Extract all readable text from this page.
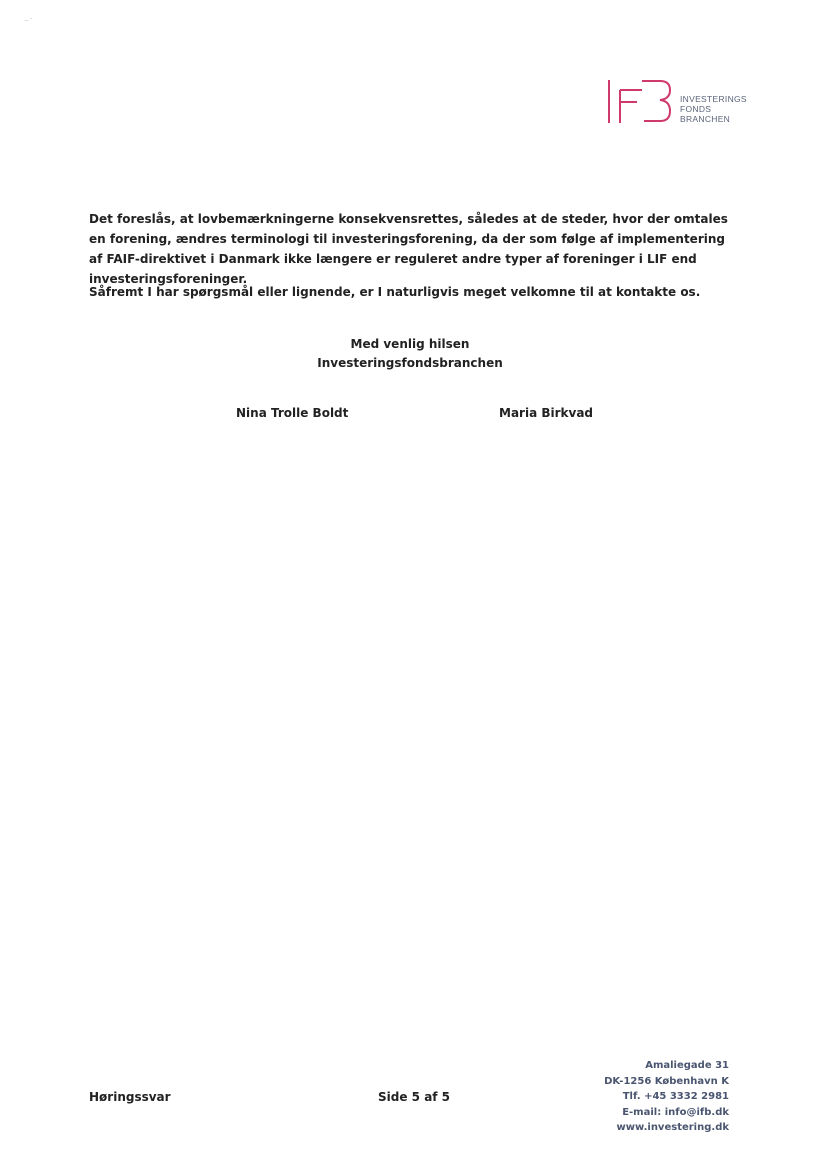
INVESTERINGS
FONDS
BRANCHEN
⁻˙
Det foreslås, at lovbemærkningerne konsekvensrettes, således at de steder, hvor der omtales en forening, ændres terminologi til investeringsforening, da der som følge af implementering af FAIF-direktivet i Danmark ikke længere er reguleret andre typer af foreninger i LIF end investeringsforeninger.
Såfremt I har spørgsmål eller lignende, er I naturligvis meget velkomne til at kontakte os.
Med venlig hilsen
Investeringsfondsbranchen
Nina Trolle Boldt	Maria Birkvad
Høringssvar	Side 5 af 5
Amaliegade 31
DK-1256 København K
Tlf. +45 3332 2981
E-mail: info@ifb.dk
www.investering.dk
